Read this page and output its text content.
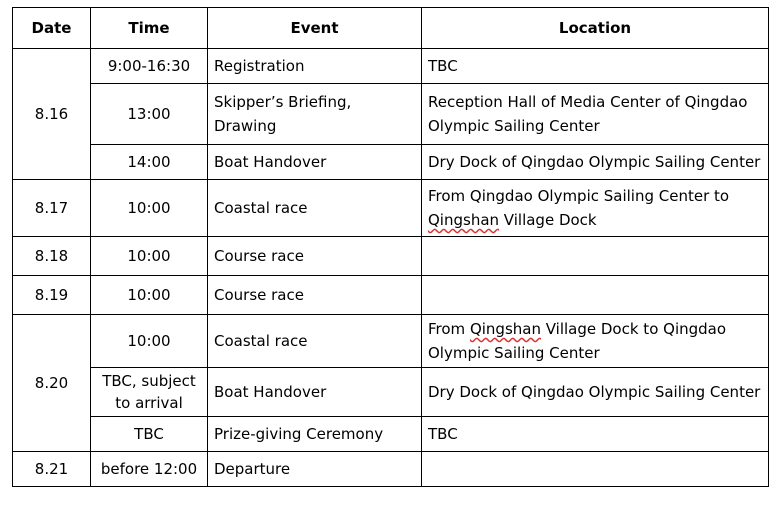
Date	Time	Event	Location
8.16	9:00-16:30	Registration	TBC
	13:00	Skipper’s Briefing, Drawing	Reception Hall of Media Center of Qingdao Olympic Sailing Center
	14:00	Boat Handover	Dry Dock of Qingdao Olympic Sailing Center
8.17	10:00	Coastal race	From Qingdao Olympic Sailing Center to Qingshan Village Dock
8.18	10:00	Course race	
8.19	10:00	Course race	
8.20	10:00	Coastal race	From Qingshan Village Dock to Qingdao Olympic Sailing Center
	TBC, subject to arrival	Boat Handover	Dry Dock of Qingdao Olympic Sailing Center
	TBC	Prize-giving Ceremony	TBC
8.21	before 12:00	Departure	
